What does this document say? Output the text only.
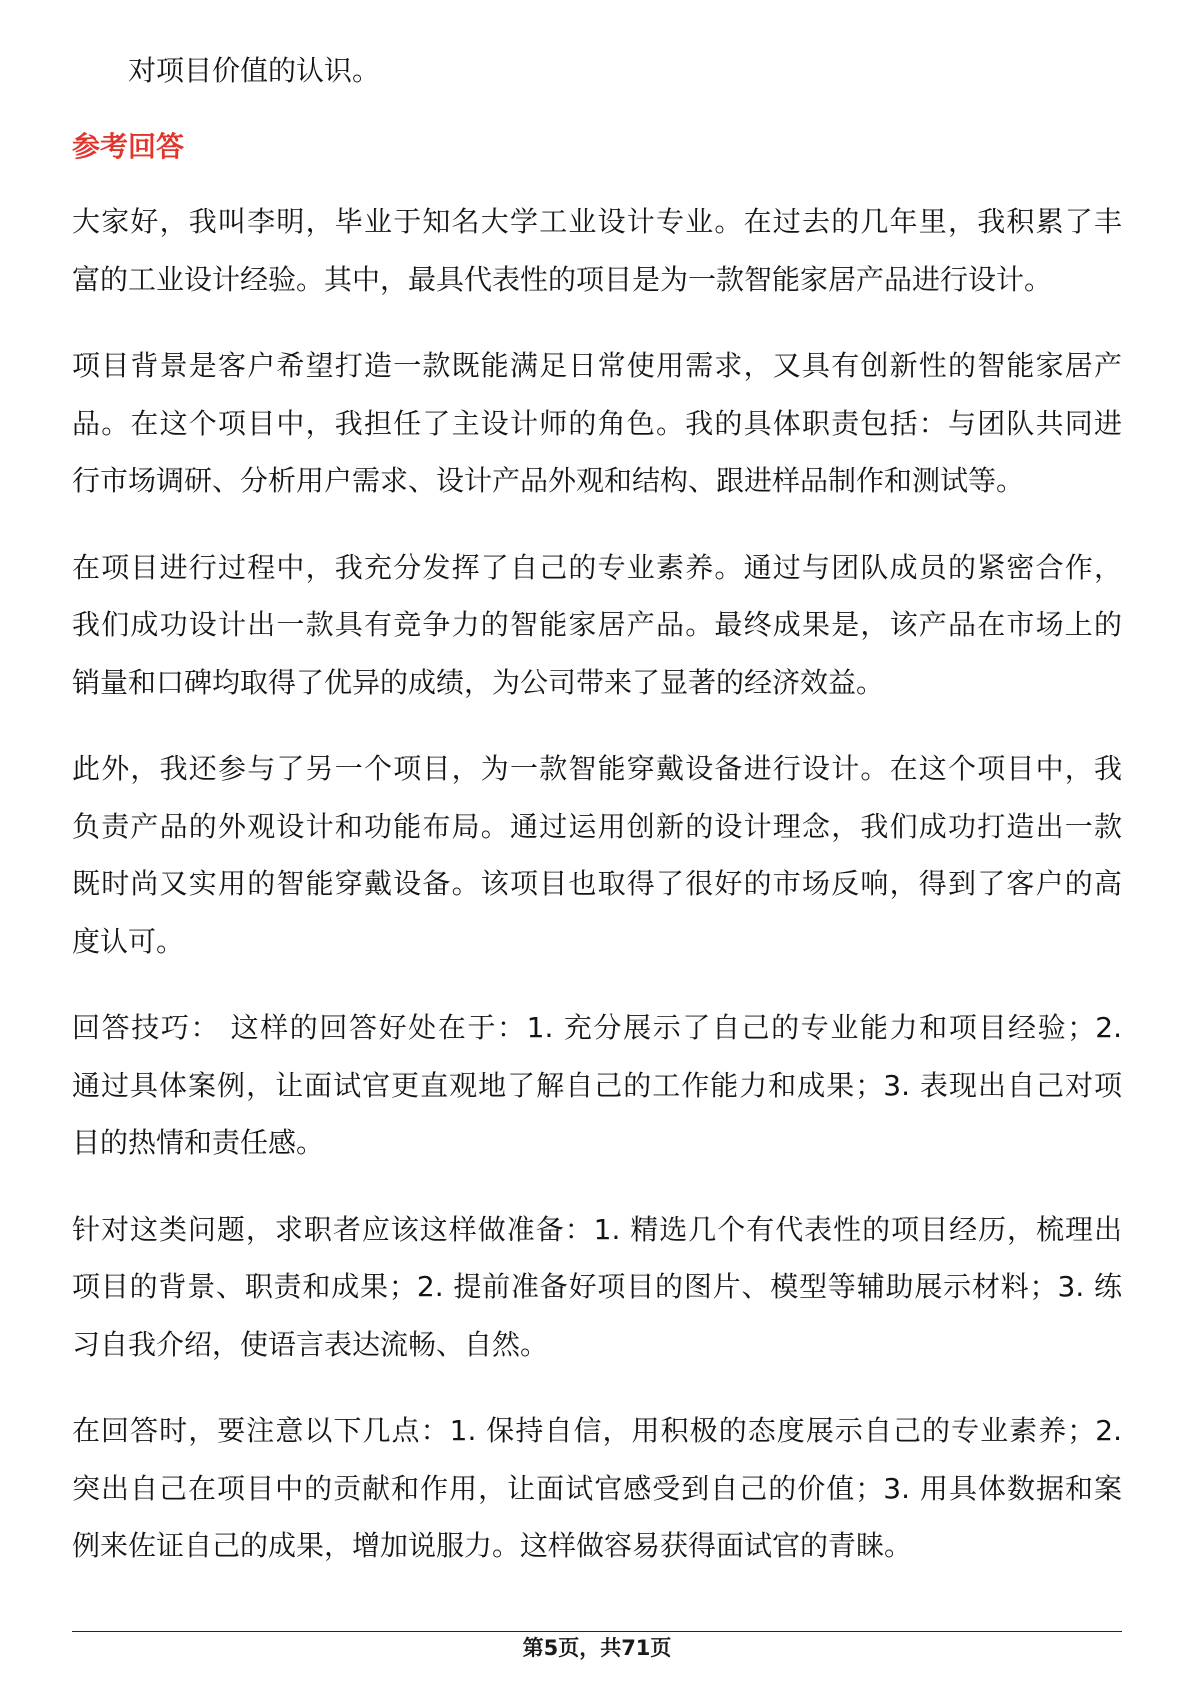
对项目价值的认识。
参考回答
大家好，我叫李明，毕业于知名大学工业设计专业。在过去的几年里，我积累了丰
富的工业设计经验。其中，最具代表性的项目是为一款智能家居产品进行设计。
项目背景是客户希望打造一款既能满足日常使用需求，又具有创新性的智能家居产
品。在这个项目中，我担任了主设计师的角色。我的具体职责包括：与团队共同进
行市场调研、分析用户需求、设计产品外观和结构、跟进样品制作和测试等。
在项目进行过程中，我充分发挥了自己的专业素养。通过与团队成员的紧密合作，
我们成功设计出一款具有竞争力的智能家居产品。最终成果是，该产品在市场上的
销量和口碑均取得了优异的成绩，为公司带来了显著的经济效益。
此外，我还参与了另一个项目，为一款智能穿戴设备进行设计。在这个项目中，我
负责产品的外观设计和功能布局。通过运用创新的设计理念，我们成功打造出一款
既时尚又实用的智能穿戴设备。该项目也取得了很好的市场反响，得到了客户的高
度认可。
回答技巧： 这样的回答好处在于：1. 充分展示了自己的专业能力和项目经验；2.
通过具体案例，让面试官更直观地了解自己的工作能力和成果；3. 表现出自己对项
目的热情和责任感。
针对这类问题，求职者应该这样做准备：1. 精选几个有代表性的项目经历，梳理出
项目的背景、职责和成果；2. 提前准备好项目的图片、模型等辅助展示材料；3. 练
习自我介绍，使语言表达流畅、自然。
在回答时，要注意以下几点：1. 保持自信，用积极的态度展示自己的专业素养；2.
突出自己在项目中的贡献和作用，让面试官感受到自己的价值；3. 用具体数据和案
例来佐证自己的成果，增加说服力。这样做容易获得面试官的青睐。
第5页，共71页
